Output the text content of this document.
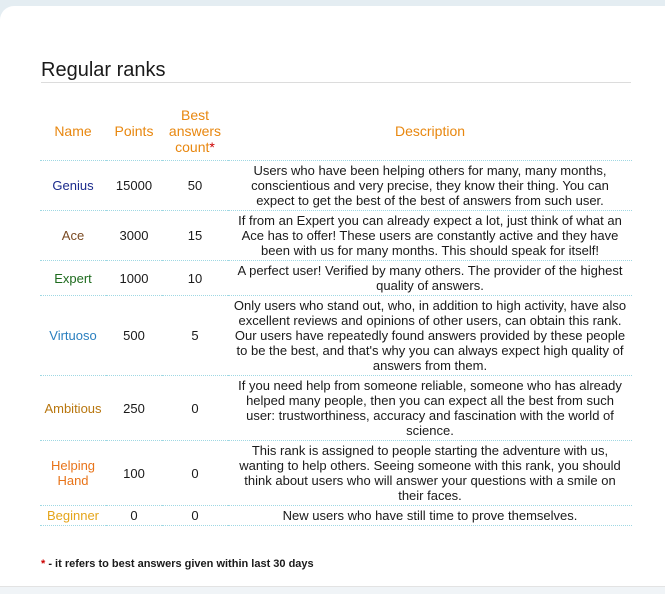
Regular ranks
Name	Points	Best answers count*	Description
Genius	15000	50	Users who have been helping others for many, many months, conscientious and very precise, they know their thing. You can expect to get the best of the best of answers from such user.
Ace	3000	15	If from an Expert you can already expect a lot, just think of what an Ace has to offer! These users are constantly active and they have been with us for many months. This should speak for itself!
Expert	1000	10	A perfect user! Verified by many others. The provider of the highest quality of answers.
Virtuoso	500	5	Only users who stand out, who, in addition to high activity, have also excellent reviews and opinions of other users, can obtain this rank. Our users have repeatedly found answers provided by these people to be the best, and that's why you can always expect high quality of answers from them.
Ambitious	250	0	If you need help from someone reliable, someone who has already helped many people, then you can expect all the best from such user: trustworthiness, accuracy and fascination with the world of science.
Helping Hand	100	0	This rank is assigned to people starting the adventure with us, wanting to help others. Seeing someone with this rank, you should think about users who will answer your questions with a smile on their faces.
Beginner	0	0	New users who have still time to prove themselves.
* - it refers to best answers given within last 30 days
